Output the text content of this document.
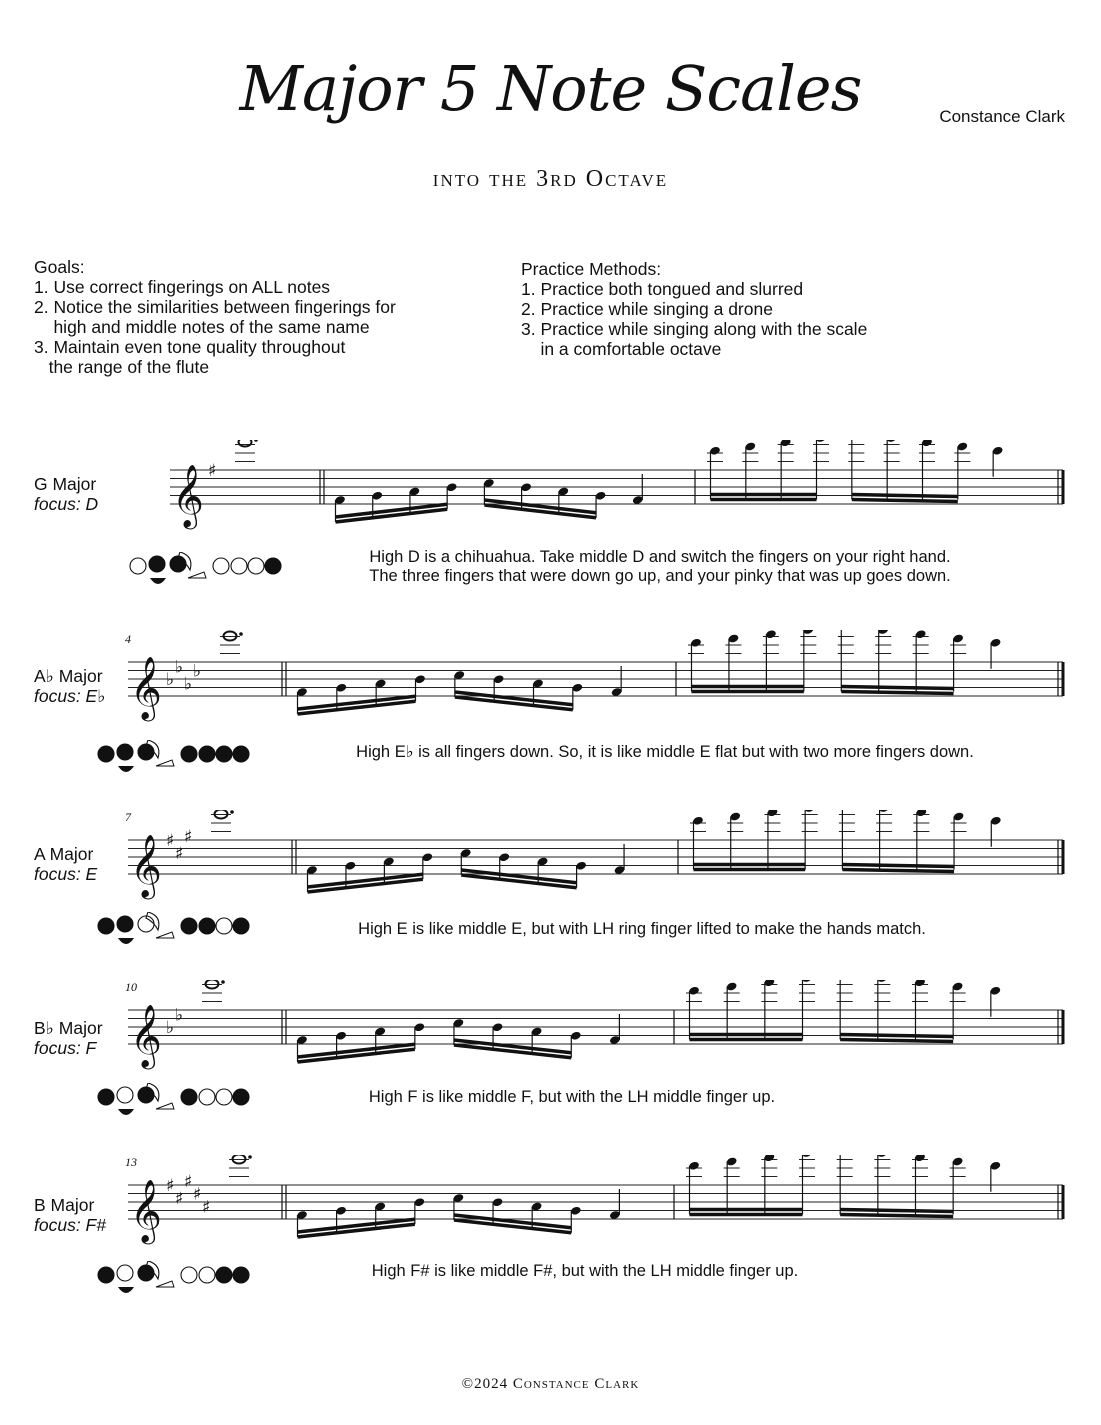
Major 5 Note Scales
into the 3rd Octave
Constance Clark
Goals:
1. Use correct fingerings on ALL notes
2. Notice the similarities between fingerings for
high and middle notes of the same name
3. Maintain even tone quality throughout
the range of the flute
Practice Methods:
1. Practice both tongued and slurred
2. Practice while singing a drone
3. Practice while singing along with the scale
in a comfortable octave
G Major
focus: D 𝄞 ♯
High D is a chihuahua. Take middle D and switch the fingers on your right hand.
The three fingers that were down go up, and your pinky that was up goes down.
A♭ Major
focus: E♭
4
𝄞 ♭
♭
♭
♭
High E♭ is all fingers down. So, it is like middle E flat but with two more fingers down.
A Major
focus: E
7
𝄞 ♯
♯
♯
High E is like middle E, but with LH ring finger lifted to make the hands match.
B♭ Major
focus: F
10
𝄞 ♭
♭
High F is like middle F, but with the LH middle finger up.
B Major
focus: F#
13
𝄞 ♯
♯
♯
♯
♯
High F# is like middle F#, but with the LH middle finger up.
©2024 Constance Clark
